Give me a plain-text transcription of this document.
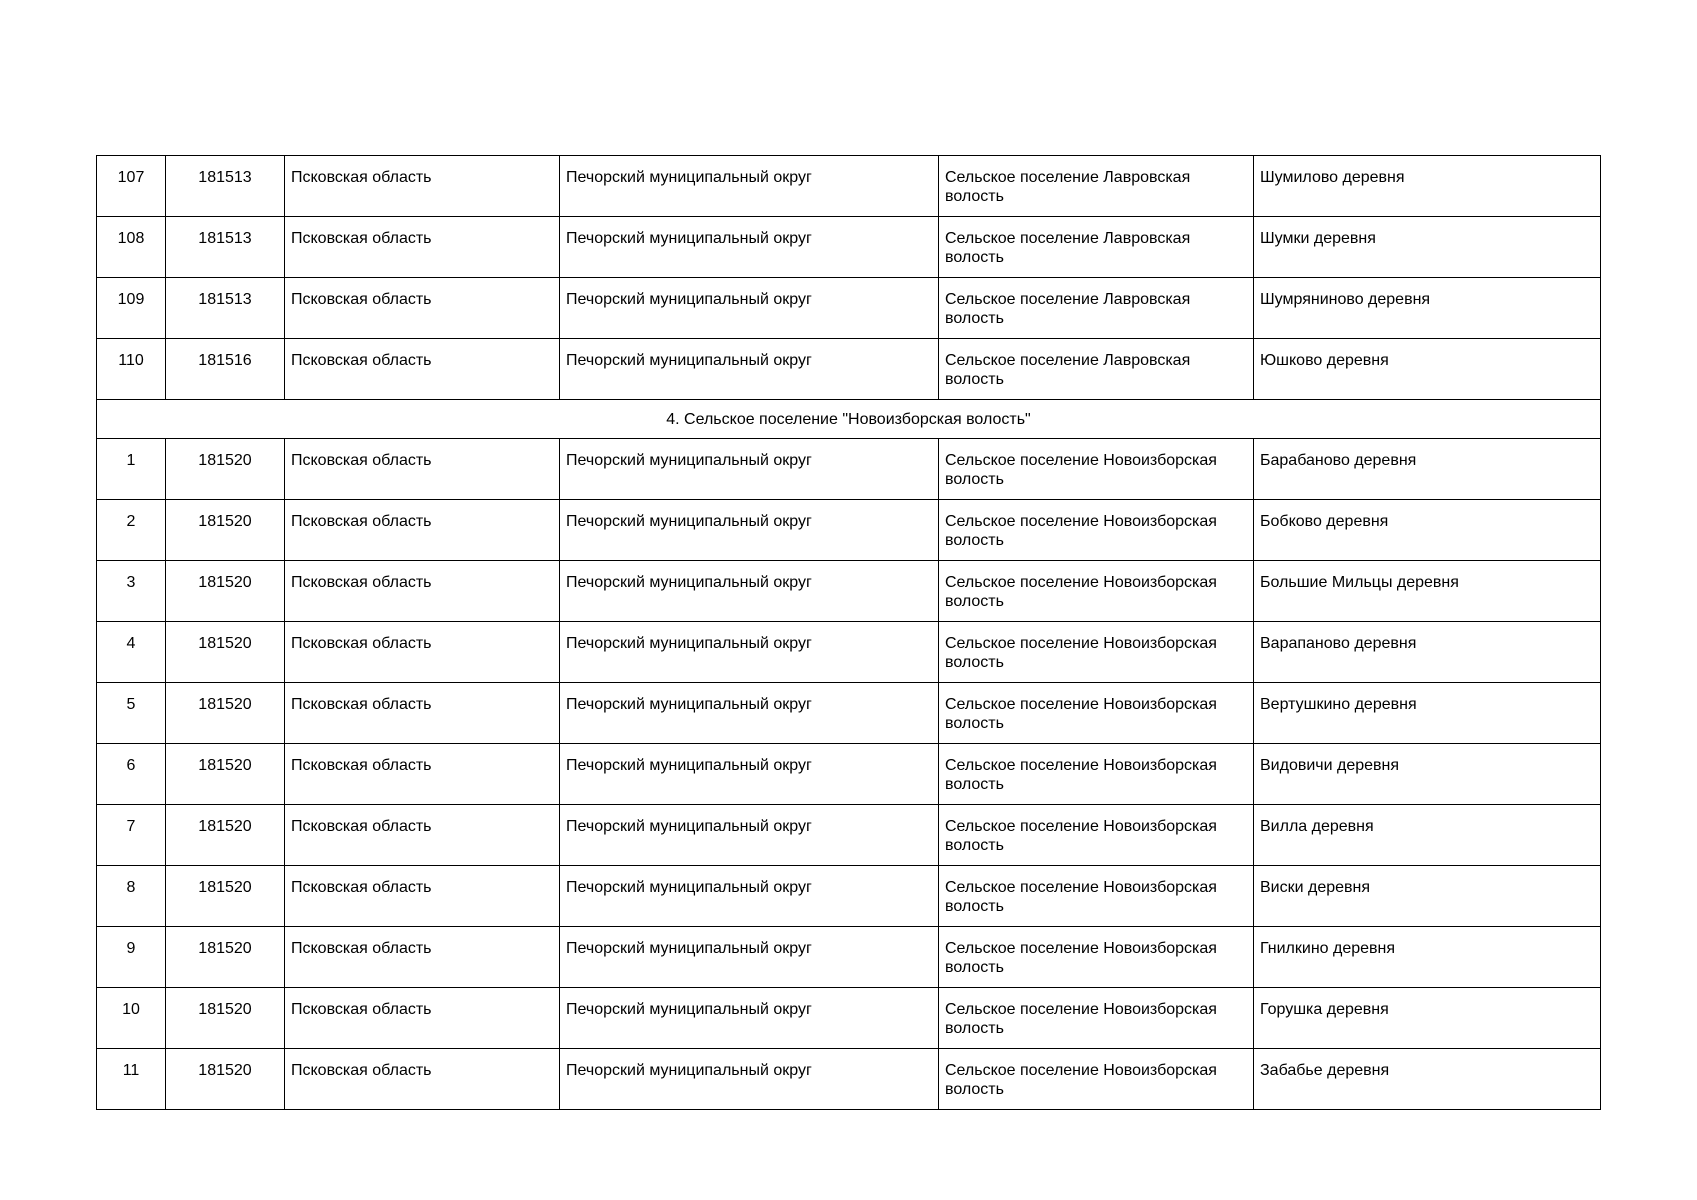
107	181513	Псковская область	Печорский муниципальный округ	Сельское поселение Лавровская волость	Шумилово деревня
108	181513	Псковская область	Печорский муниципальный округ	Сельское поселение Лавровская волость	Шумки деревня
109	181513	Псковская область	Печорский муниципальный округ	Сельское поселение Лавровская волость	Шумрянинoво деревня
110	181516	Псковская область	Печорский муниципальный округ	Сельское поселение Лавровская волость	Юшково деревня
4. Сельское поселение "Новоизборская волость"					
1	181520	Псковская область	Печорский муниципальный округ	Сельское поселение Новоизборская волость	Барабаново деревня
2	181520	Псковская область	Печорский муниципальный округ	Сельское поселение Новоизборская волость	Бобково деревня
3	181520	Псковская область	Печорский муниципальный округ	Сельское поселение Новоизборская волость	Большие Мильцы деревня
4	181520	Псковская область	Печорский муниципальный округ	Сельское поселение Новоизборская волость	Варапаново деревня
5	181520	Псковская область	Печорский муниципальный округ	Сельское поселение Новоизборская волость	Вертушкино деревня
6	181520	Псковская область	Печорский муниципальный округ	Сельское поселение Новоизборская волость	Видовичи деревня
7	181520	Псковская область	Печорский муниципальный округ	Сельское поселение Новоизборская волость	Вилла деревня
8	181520	Псковская область	Печорский муниципальный округ	Сельское поселение Новоизборская волость	Виски деревня
9	181520	Псковская область	Печорский муниципальный округ	Сельское поселение Новоизборская волость	Гнилкино деревня
10	181520	Псковская область	Печорский муниципальный округ	Сельское поселение Новоизборская волость	Горушка деревня
11	181520	Псковская область	Печорский муниципальный округ	Сельское поселение Новоизборская волость	Забабье деревня
